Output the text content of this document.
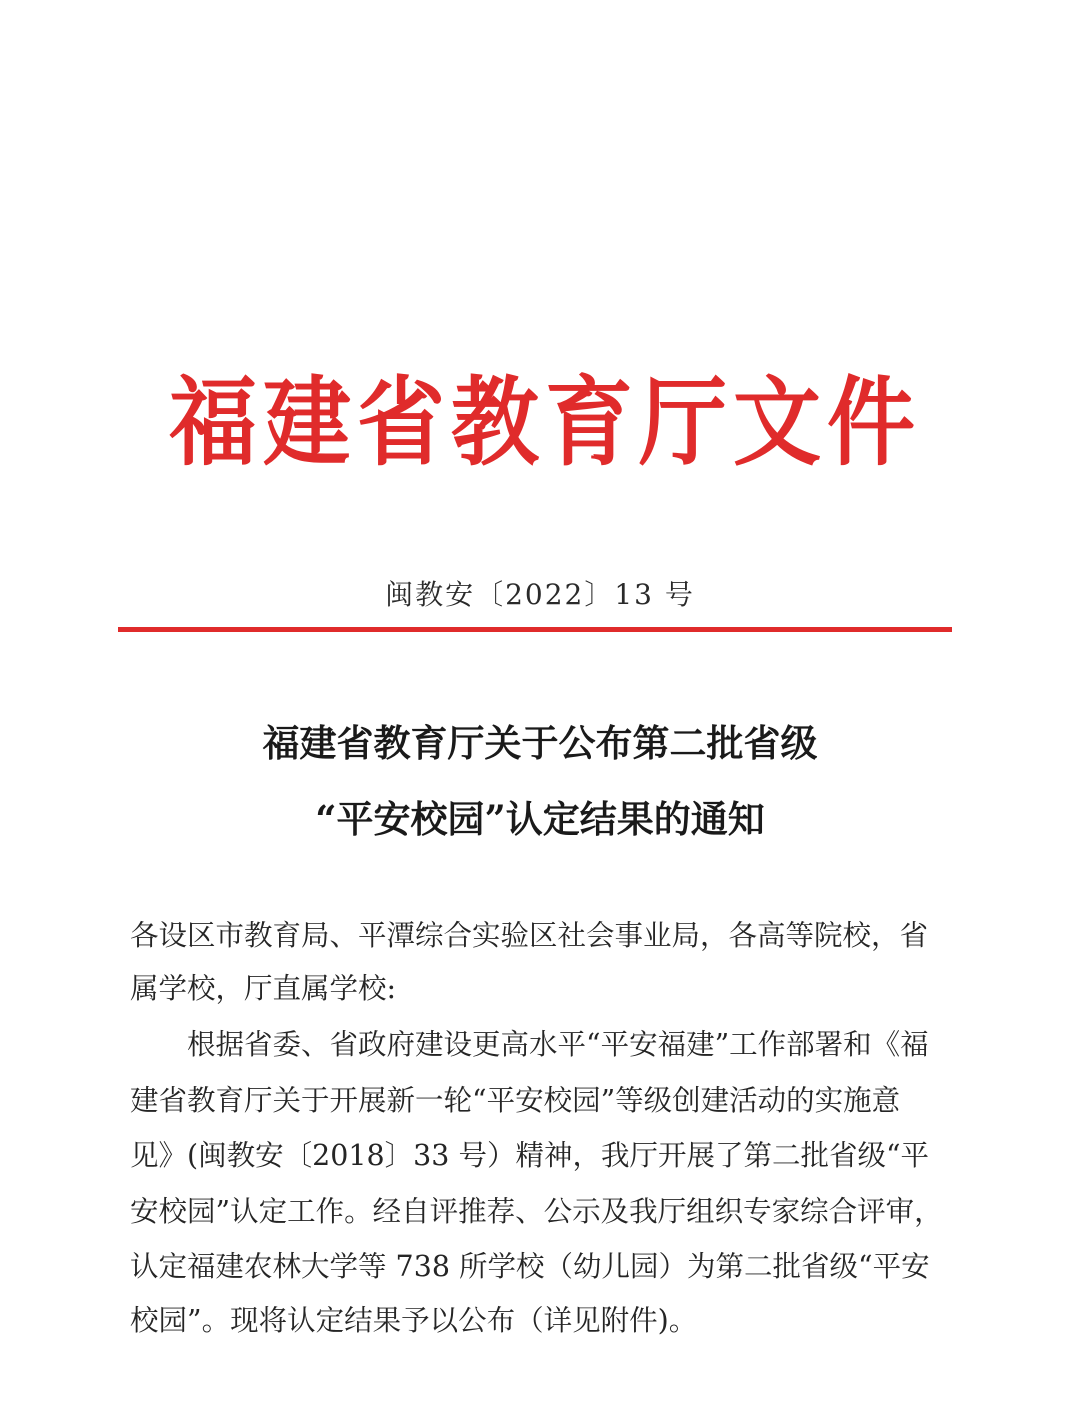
福建省教育厅文件
闽教安〔2022〕13 号
福建省教育厅关于公布第二批省级
“平安校园”认定结果的通知
各设区市教育局、平潭综合实验区社会事业局，各高等院校，省
属学校，厅直属学校:
　　根据省委、省政府建设更高水平“平安福建”工作部署和《福
建省教育厅关于开展新一轮“平安校园”等级创建活动的实施意
见》(闽教安〔2018〕33 号）精神，我厅开展了第二批省级“平
安校园”认定工作。经自评推荐、公示及我厅组织专家综合评审，
认定福建农林大学等 738 所学校（幼儿园）为第二批省级“平安
校园”。现将认定结果予以公布（详见附件)。
